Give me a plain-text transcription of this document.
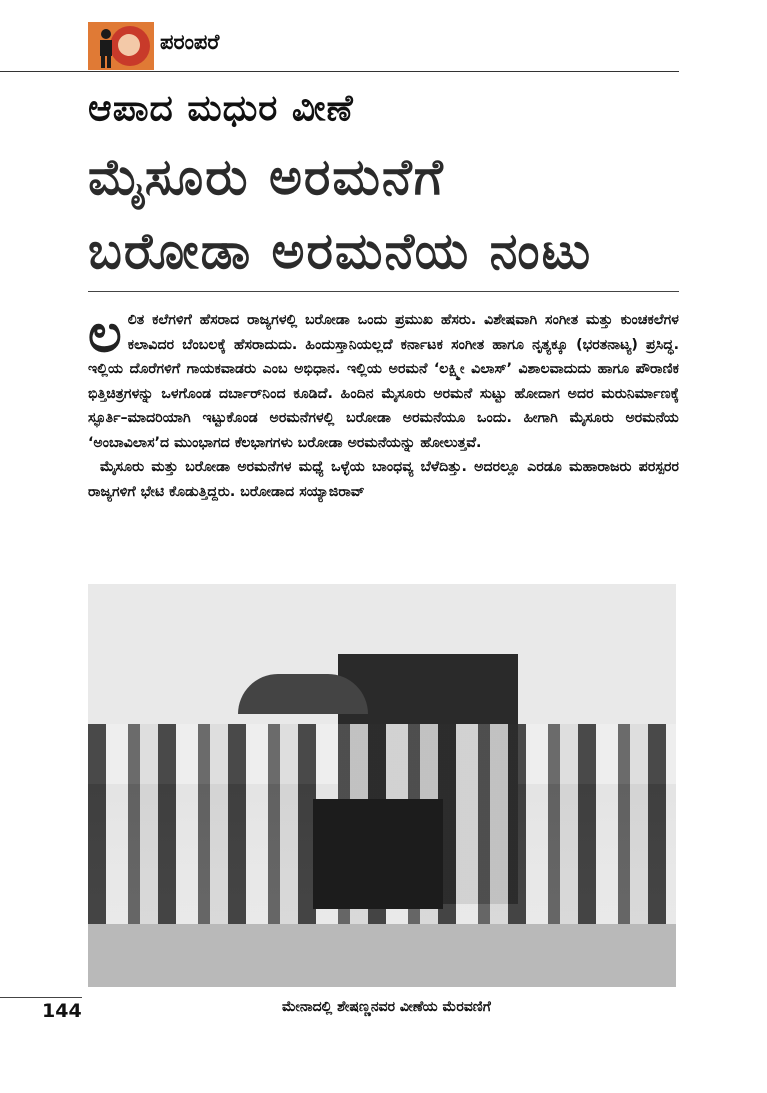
ಪರಂಪರೆ
ಆಪಾದ ಮಧುರ ವೀಣೆ
ಮೈಸೂರು ಅರಮನೆಗೆ
ಬರೋಡಾ ಅರಮನೆಯ ನಂಟು

ಲ ಲಿತ ಕಲೆಗಳಿಗೆ ಹೆಸರಾದ ರಾಜ್ಯಗಳಲ್ಲಿ ಬರೋಡಾ ಒಂದು ಪ್ರಮುಖ ಹೆಸರು. ವಿಶೇಷವಾಗಿ ಸಂಗೀತ ಮತ್ತು ಕುಂಚಕಲೆಗಳ ಕಲಾವಿದರ ಬೆಂಬಲಕ್ಕೆ ಹೆಸರಾದುದು. ಹಿಂದುಸ್ತಾನಿಯಲ್ಲದೆ ಕರ್ನಾಟಕ ಸಂಗೀತ ಹಾಗೂ ನೃತ್ಯಕ್ಕೂ (ಭರತನಾಟ್ಯ) ಪ್ರಸಿದ್ಧ. ಇಲ್ಲಿಯ ದೊರೆಗಳಿಗೆ ಗಾಯಕವಾಡರು ಎಂಬ ಅಭಿಧಾನ. ಇಲ್ಲಿಯ ಅರಮನೆ ‘ಲಕ್ಷ್ಮೀ ವಿಲಾಸ್’ ವಿಶಾಲವಾದುದು ಹಾಗೂ ಪೌರಾಣಿಕ ಭಿತ್ತಿಚಿತ್ರಗಳನ್ನು ಒಳಗೊಂಡ ದರ್ಬಾರ್‌ನಿಂದ ಕೂಡಿದೆ. ಹಿಂದಿನ ಮೈಸೂರು ಅರಮನೆ ಸುಟ್ಟು ಹೋದಾಗ ಅದರ ಮರುನಿರ್ಮಾಣಕ್ಕೆ ಸ್ಫೂರ್ತಿ–ಮಾದರಿಯಾಗಿ ಇಟ್ಟುಕೊಂಡ ಅರಮನೆಗಳಲ್ಲಿ ಬರೋಡಾ ಅರಮನೆಯೂ ಒಂದು. ಹೀಗಾಗಿ ಮೈಸೂರು ಅರಮನೆಯ ‘ಅಂಬಾವಿಲಾಸ’ದ ಮುಂಭಾಗದ ಕೆಲಭಾಗಗಳು ಬರೋಡಾ ಅರಮನೆಯನ್ನು ಹೋಲುತ್ತವೆ.

ಮೈಸೂರು ಮತ್ತು ಬರೋಡಾ ಅರಮನೆಗಳ ಮಧ್ಯೆ ಒಳ್ಳೆಯ ಬಾಂಧವ್ಯ ಬೆಳೆದಿತ್ತು. ಅದರಲ್ಲೂ ಎರಡೂ ಮಹಾರಾಜರು ಪರಸ್ಪರರ ರಾಜ್ಯಗಳಿಗೆ ಭೇಟಿ ಕೊಡುತ್ತಿದ್ದರು. ಬರೋಡಾದ ಸಯ್ಯಾಜಿರಾವ್

144	ಮೇನಾದಲ್ಲಿ ಶೇಷಣ್ಣನವರ ವೀಣೆಯ ಮೆರವಣಿಗೆ
